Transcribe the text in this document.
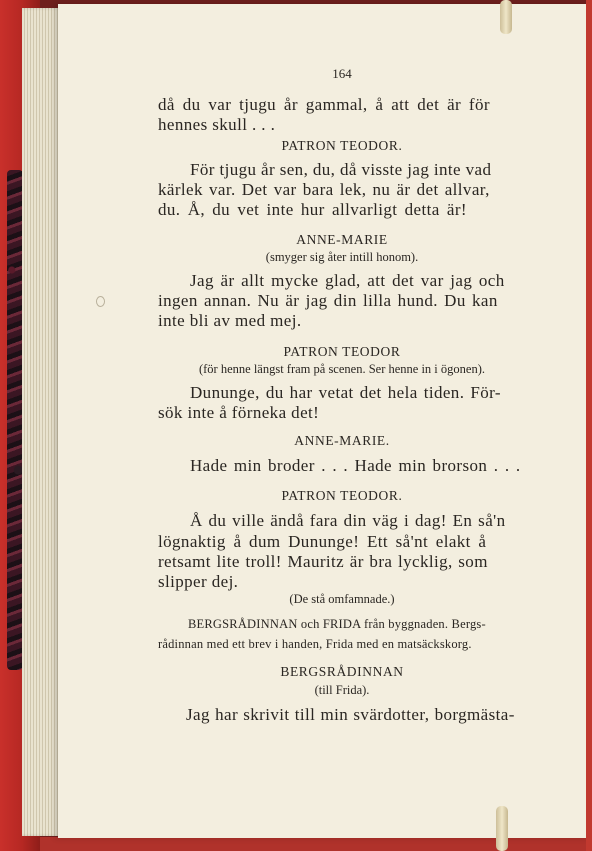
164
då du var tjugu år gammal, å att det är för
hennes skull . . .
PATRON TEODOR.
För tjugu år sen, du, då visste jag inte vad
kärlek var. Det var bara lek, nu är det allvar,
du. Å, du vet inte hur allvarligt detta är!
ANNE-MARIE
(smyger sig åter intill honom).
Jag är allt mycke glad, att det var jag och
ingen annan. Nu är jag din lilla hund. Du kan
inte bli av med mej.
PATRON TEODOR
(för henne längst fram på scenen. Ser henne in i ögonen).
Dununge, du har vetat det hela tiden. För-
sök inte å förneka det!
ANNE-MARIE.
Hade min broder . . . Hade min brorson . . .
PATRON TEODOR.
Å du ville ändå fara din väg i dag! En så'n
lögnaktig å dum Dununge! Ett så'nt elakt å
retsamt lite troll! Mauritz är bra lycklig, som
slipper dej.
(De stå omfamnade.)
BERGSRÅDINNAN och FRIDA från byggnaden. Bergs-
rådinnan med ett brev i handen, Frida med en matsäckskorg.
BERGSRÅDINNAN
(till Frida).
Jag har skrivit till min svärdotter, borgmästa-
